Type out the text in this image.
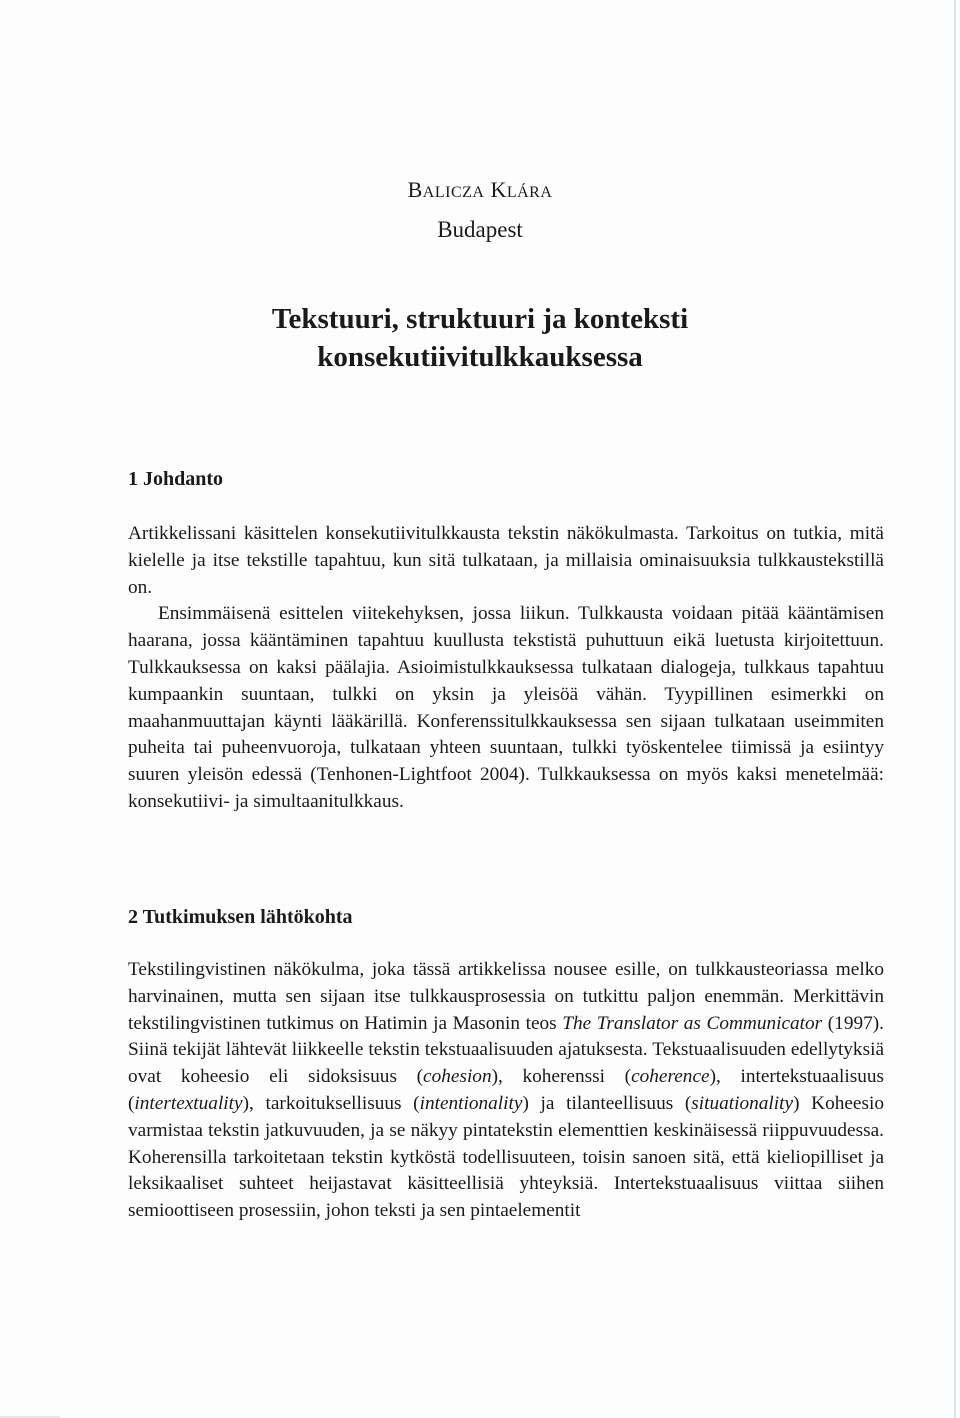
BALICZA KLÁRA
Budapest
Tekstuuri, struktuuri ja konteksti
konsekutiivitulkkauksessa
1 Johdanto

Artikkelissani käsittelen konsekutiivitulkkausta tekstin näkökulmasta. Tarkoitus on tutkia, mitä kielelle ja itse tekstille tapahtuu, kun sitä tulkataan, ja millaisia ominaisuuksia tulkkaustekstillä on.

Ensimmäisenä esittelen viitekehyksen, jossa liikun. Tulkkausta voidaan pitää kääntämisen haarana, jossa kääntäminen tapahtuu kuullusta tekstistä puhuttuun eikä luetusta kirjoitettuun. Tulkkauksessa on kaksi päälajia. Asioimistulkkauksessa tulkataan dialogeja, tulkkaus tapahtuu kumpaankin suuntaan, tulkki on yksin ja yleisöä vähän. Tyypillinen esimerkki on maahanmuuttajan käynti lääkärillä. Konferenssitulkkauksessa sen sijaan tulkataan useimmiten puheita tai puheenvuoroja, tulkataan yhteen suuntaan, tulkki työskentelee tiimissä ja esiintyy suuren yleisön edessä (Tenhonen-Lightfoot 2004). Tulkkauksessa on myös kaksi menetelmää: konsekutiivi- ja simultaanitulkkaus.

2 Tutkimuksen lähtökohta

Tekstilingvistinen näkökulma, joka tässä artikkelissa nousee esille, on tulkkausteoriassa melko harvinainen, mutta sen sijaan itse tulkkausprosessia on tutkittu paljon enemmän. Merkittävin tekstilingvistinen tutkimus on Hatimin ja Masonin teos The Translator as Communicator (1997). Siinä tekijät lähtevät liikkeelle tekstin tekstuaalisuuden ajatuksesta. Tekstuaalisuuden edellytyksiä ovat koheesio eli sidoksisuus (cohesion), koherenssi (coherence), intertekstuaalisuus (intertextuality), tarkoituksellisuus (intentionality) ja tilanteellisuus (situationality) Koheesio varmistaa tekstin jatkuvuuden, ja se näkyy pintatekstin elementtien keskinäisessä riippuvuudessa. Koherensilla tarkoitetaan tekstin kytköstä todellisuuteen, toisin sanoen sitä, että kieliopilliset ja leksikaaliset suhteet heijastavat käsitteellisiä yhteyksiä. Intertekstuaalisuus viittaa siihen semioottiseen prosessiin, johon teksti ja sen pintaelementit
